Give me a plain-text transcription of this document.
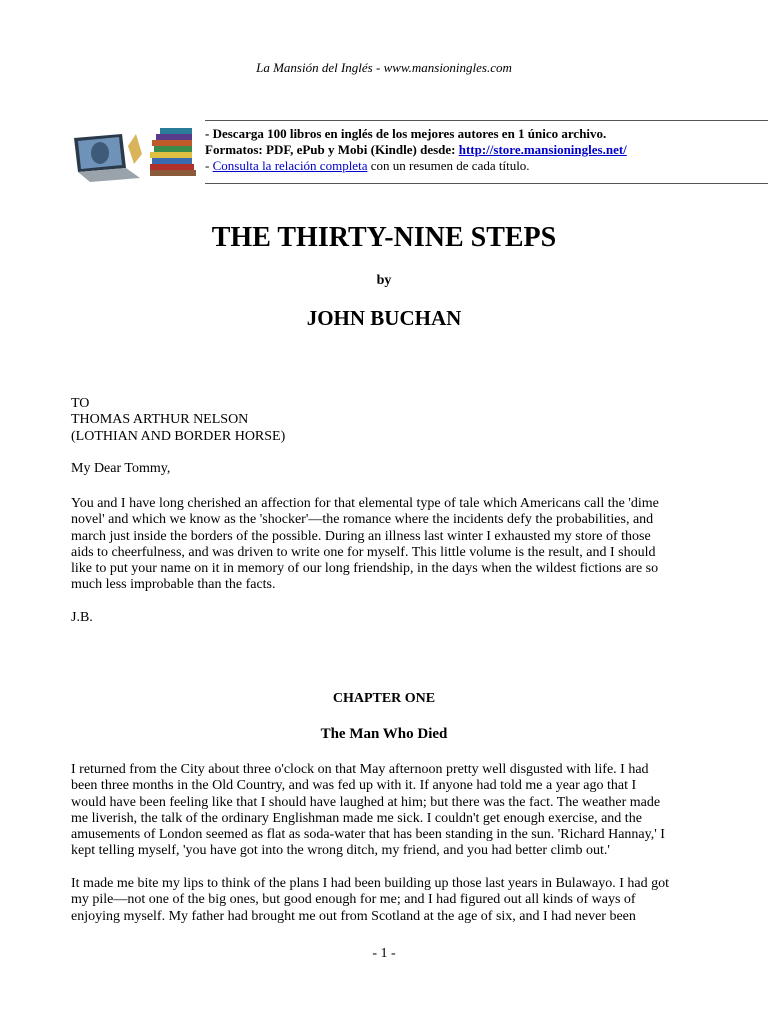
La Mansión del Inglés - www.mansioningles.com
- Descarga 100 libros en inglés de los mejores autores en 1 único archivo.
Formatos: PDF, ePub y Mobi (Kindle) desde: http://store.mansioningles.net/
- Consulta la relación completa con un resumen de cada título.
THE THIRTY-NINE STEPS
by
JOHN BUCHAN
TO
THOMAS ARTHUR NELSON
(LOTHIAN AND BORDER HORSE)
My Dear Tommy,
You and I have long cherished an affection for that elemental type of tale which Americans call the 'dime
novel' and which we know as the 'shocker'—the romance where the incidents defy the probabilities, and
march just inside the borders of the possible. During an illness last winter I exhausted my store of those
aids to cheerfulness, and was driven to write one for myself. This little volume is the result, and I should
like to put your name on it in memory of our long friendship, in the days when the wildest fictions are so
much less improbable than the facts.
J.B.
CHAPTER ONE
The Man Who Died
I returned from the City about three o'clock on that May afternoon pretty well disgusted with life. I had
been three months in the Old Country, and was fed up with it. If anyone had told me a year ago that I
would have been feeling like that I should have laughed at him; but there was the fact. The weather made
me liverish, the talk of the ordinary Englishman made me sick. I couldn't get enough exercise, and the
amusements of London seemed as flat as soda-water that has been standing in the sun. 'Richard Hannay,' I
kept telling myself, 'you have got into the wrong ditch, my friend, and you had better climb out.'
It made me bite my lips to think of the plans I had been building up those last years in Bulawayo. I had got
my pile—not one of the big ones, but good enough for me; and I had figured out all kinds of ways of
enjoying myself. My father had brought me out from Scotland at the age of six, and I had never been
- 1 -
